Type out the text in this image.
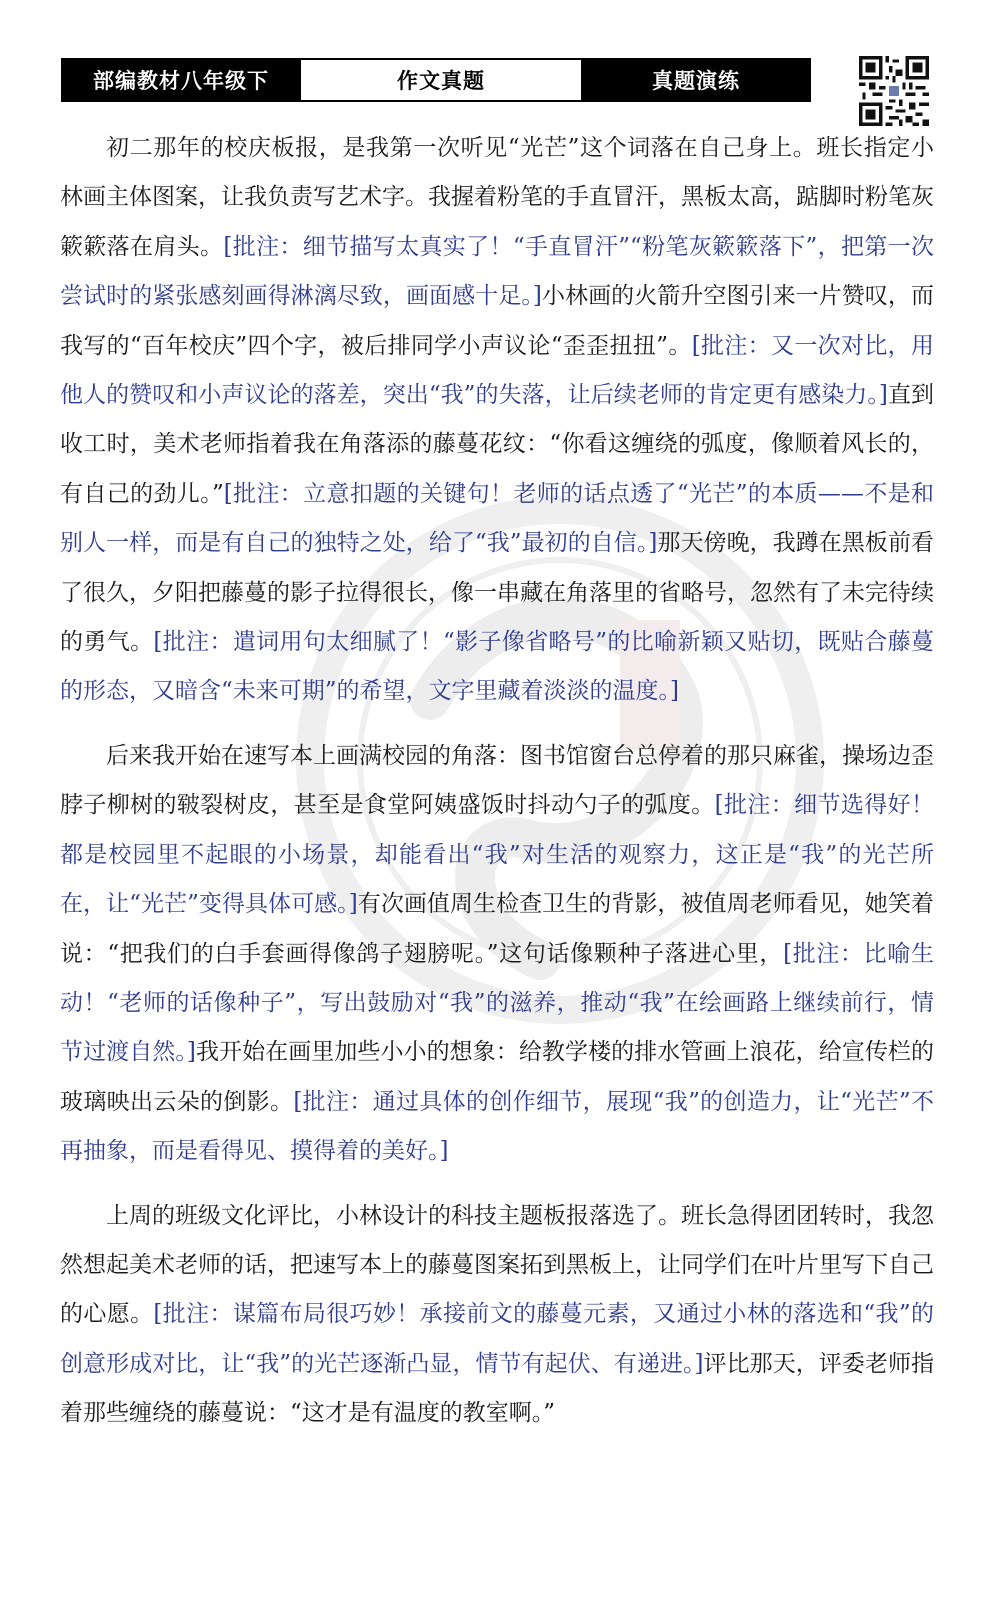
部编教材八年级下	作文真题	真题演练

初二那年的校庆板报，是我第一次听见“光芒”这个词落在自己身上。班长指定小林画主体图案，让我负责写艺术字。我握着粉笔的手直冒汗，黑板太高，踮脚时粉笔灰簌簌落在肩头。[批注：细节描写太真实了！“手直冒汗”“粉笔灰簌簌落下”，把第一次尝试时的紧张感刻画得淋漓尽致，画面感十足。]小林画的火箭升空图引来一片赞叹，而我写的“百年校庆”四个字，被后排同学小声议论“歪歪扭扭”。[批注：又一次对比，用他人的赞叹和小声议论的落差，突出“我”的失落，让后续老师的肯定更有感染力。]直到收工时，美术老师指着我在角落添的藤蔓花纹：“你看这缠绕的弧度，像顺着风长的，有自己的劲儿。”[批注：立意扣题的关键句！老师的话点透了“光芒”的本质——不是和别人一样，而是有自己的独特之处，给了“我”最初的自信。]那天傍晚，我蹲在黑板前看了很久，夕阳把藤蔓的影子拉得很长，像一串藏在角落里的省略号，忽然有了未完待续的勇气。[批注：遣词用句太细腻了！“影子像省略号”的比喻新颖又贴切，既贴合藤蔓的形态，又暗含“未来可期”的希望，文字里藏着淡淡的温度。]

后来我开始在速写本上画满校园的角落：图书馆窗台总停着的那只麻雀，操场边歪脖子柳树的皲裂树皮，甚至是食堂阿姨盛饭时抖动勺子的弧度。[批注：细节选得好！都是校园里不起眼的小场景，却能看出“我”对生活的观察力，这正是“我”的光芒所在，让“光芒”变得具体可感。]有次画值周生检查卫生的背影，被值周老师看见，她笑着说：“把我们的白手套画得像鸽子翅膀呢。”这句话像颗种子落进心里，[批注：比喻生动！“老师的话像种子”，写出鼓励对“我”的滋养，推动“我”在绘画路上继续前行，情节过渡自然。]我开始在画里加些小小的想象：给教学楼的排水管画上浪花，给宣传栏的玻璃映出云朵的倒影。[批注：通过具体的创作细节，展现“我”的创造力，让“光芒”不再抽象，而是看得见、摸得着的美好。]

上周的班级文化评比，小林设计的科技主题板报落选了。班长急得团团转时，我忽然想起美术老师的话，把速写本上的藤蔓图案拓到黑板上，让同学们在叶片里写下自己的心愿。[批注：谋篇布局很巧妙！承接前文的藤蔓元素，又通过小林的落选和“我”的创意形成对比，让“我”的光芒逐渐凸显，情节有起伏、有递进。]评比那天，评委老师指着那些缠绕的藤蔓说：“这才是有温度的教室啊。”
